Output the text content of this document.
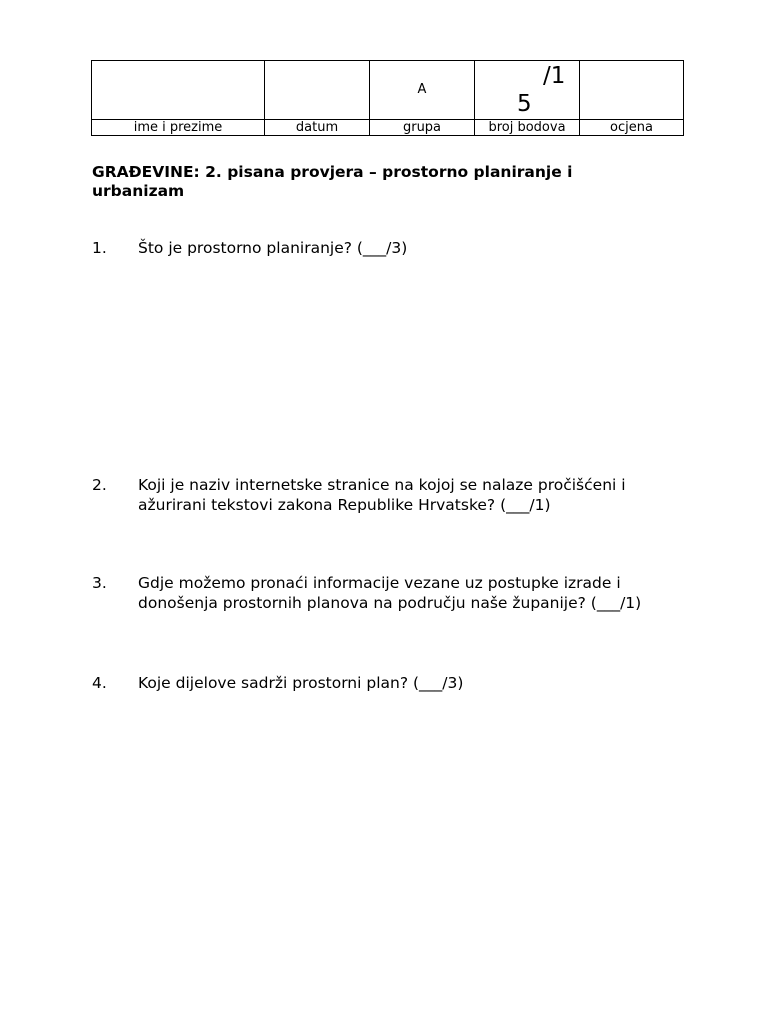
		A	/1
5	

ime i prezime	datum	grupa	broj bodova	ocjena
GRAĐEVINE: 2. pisana provjera – prostorno planiranje i urbanizam
1. Što je prostorno planiranje? (___/3)
2. Koji je naziv internetske stranice na kojoj se nalaze pročišćeni i ažurirani tekstovi zakona Republike Hrvatske? (___/1)
3. Gdje možemo pronaći informacije vezane uz postupke izrade i donošenja prostornih planova na području naše županije? (___/1)
4. Koje dijelove sadrži prostorni plan? (___/3)
